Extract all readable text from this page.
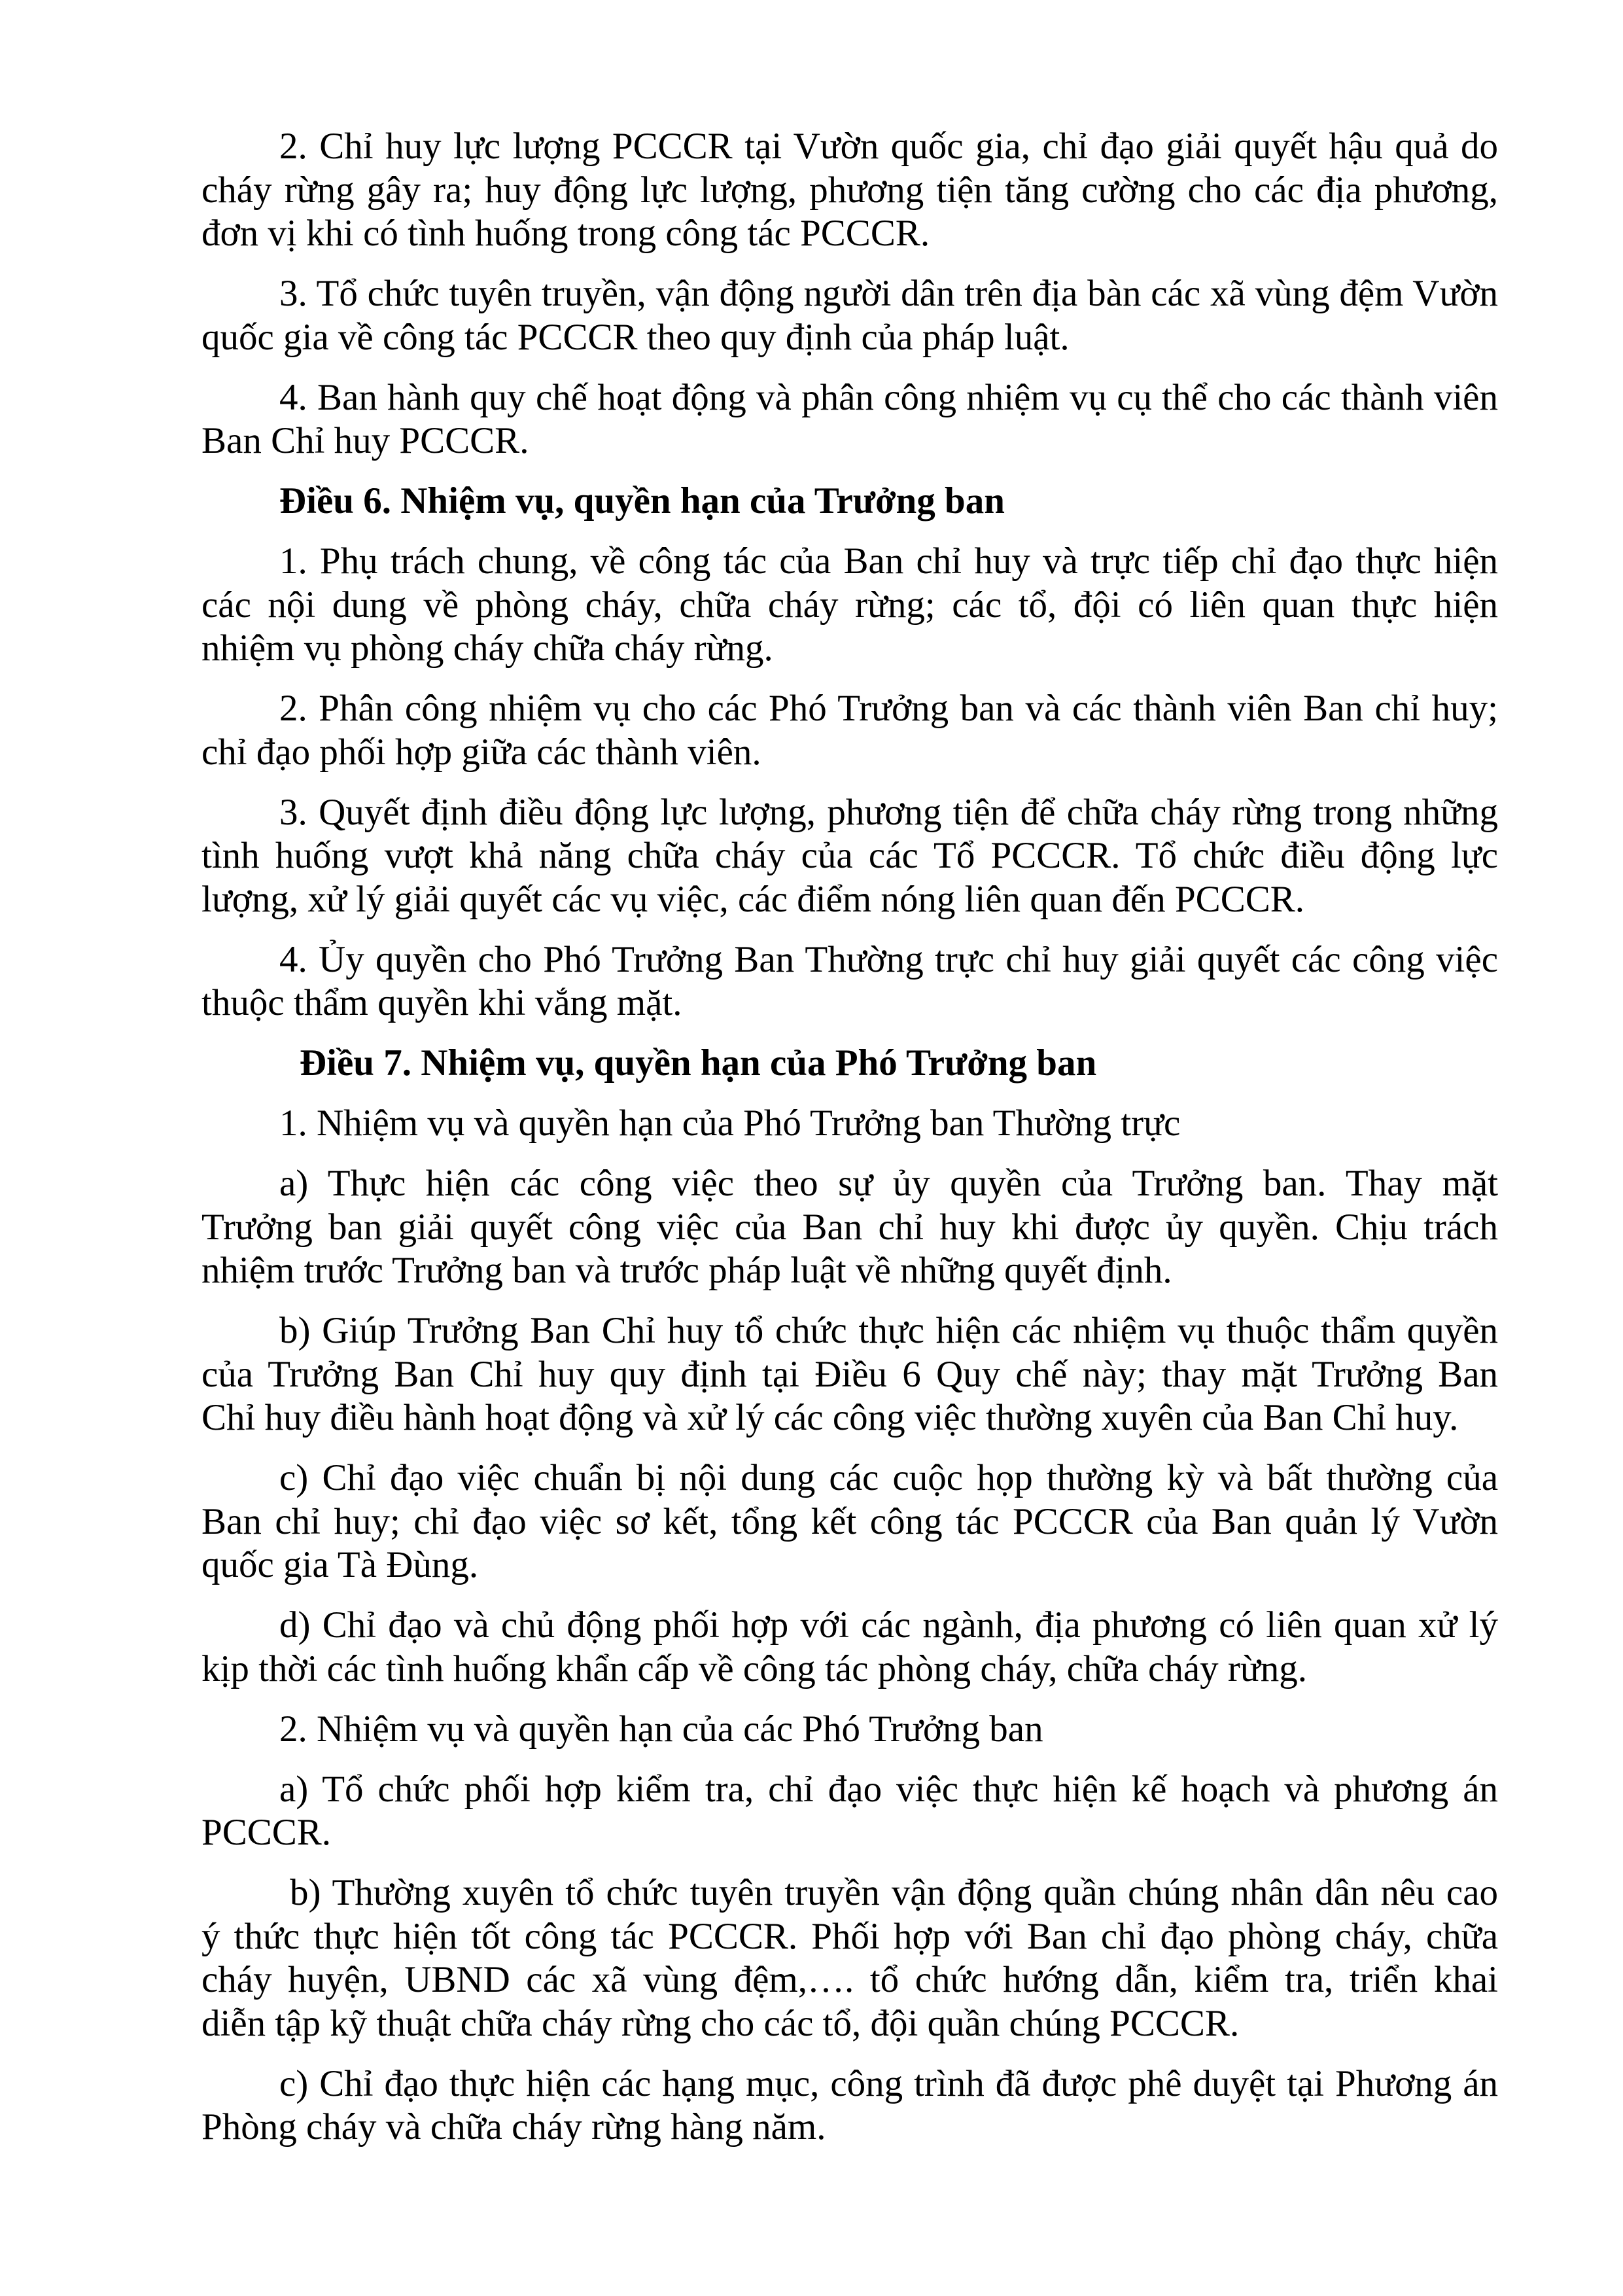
2. Chỉ huy lực lượng PCCCR tại Vườn quốc gia, chỉ đạo giải quyết hậu quả do
cháy rừng gây ra; huy động lực lượng, phương tiện tăng cường cho các địa phương,
đơn vị khi có tình huống trong công tác PCCCR.
3. Tổ chức tuyên truyền, vận động người dân trên địa bàn các xã vùng đệm Vườn
quốc gia về công tác PCCCR theo quy định của pháp luật.
4. Ban hành quy chế hoạt động và phân công nhiệm vụ cụ thể cho các thành viên
Ban Chỉ huy PCCCR.
Điều 6. Nhiệm vụ, quyền hạn của Trưởng ban
1. Phụ trách chung, về công tác của Ban chỉ huy và trực tiếp chỉ đạo thực hiện
các nội dung về phòng cháy, chữa cháy rừng; các tổ, đội có liên quan thực hiện
nhiệm vụ phòng cháy chữa cháy rừng.
2. Phân công nhiệm vụ cho các Phó Trưởng ban và các thành viên Ban chỉ huy;
chỉ đạo phối hợp giữa các thành viên.
3. Quyết định điều động lực lượng, phương tiện để chữa cháy rừng trong những
tình huống vượt khả năng chữa cháy của các Tổ PCCCR. Tổ chức điều động lực
lượng, xử lý giải quyết các vụ việc, các điểm nóng liên quan đến PCCCR.
4. Ủy quyền cho Phó Trưởng Ban Thường trực chỉ huy giải quyết các công việc
thuộc thẩm quyền khi vắng mặt.
Điều 7. Nhiệm vụ, quyền hạn của Phó Trưởng ban
1. Nhiệm vụ và quyền hạn của Phó Trưởng ban Thường trực
a) Thực hiện các công việc theo sự ủy quyền của Trưởng ban. Thay mặt
Trưởng ban giải quyết công việc của Ban chỉ huy khi được ủy quyền. Chịu trách
nhiệm trước Trưởng ban và trước pháp luật về những quyết định.
b) Giúp Trưởng Ban Chỉ huy tổ chức thực hiện các nhiệm vụ thuộc thẩm quyền
của Trưởng Ban Chỉ huy quy định tại Điều 6 Quy chế này; thay mặt Trưởng Ban
Chỉ huy điều hành hoạt động và xử lý các công việc thường xuyên của Ban Chỉ huy.
c) Chỉ đạo việc chuẩn bị nội dung các cuộc họp thường kỳ và bất thường của
Ban chỉ huy; chỉ đạo việc sơ kết, tổng kết công tác PCCCR của Ban quản lý Vườn
quốc gia Tà Đùng.
d) Chỉ đạo và chủ động phối hợp với các ngành, địa phương có liên quan xử lý
kịp thời các tình huống khẩn cấp về công tác phòng cháy, chữa cháy rừng.
2. Nhiệm vụ và quyền hạn của các Phó Trưởng ban
a) Tổ chức phối hợp kiểm tra, chỉ đạo việc thực hiện kế hoạch và phương án
PCCCR.
b) Thường xuyên tổ chức tuyên truyền vận động quần chúng nhân dân nêu cao
ý thức thực hiện tốt công tác PCCCR. Phối hợp với Ban chỉ đạo phòng cháy, chữa
cháy huyện, UBND các xã vùng đệm,…. tổ chức hướng dẫn, kiểm tra, triển khai
diễn tập kỹ thuật chữa cháy rừng cho các tổ, đội quần chúng PCCCR.
c) Chỉ đạo thực hiện các hạng mục, công trình đã được phê duyệt tại Phương án
Phòng cháy và chữa cháy rừng hàng năm.
